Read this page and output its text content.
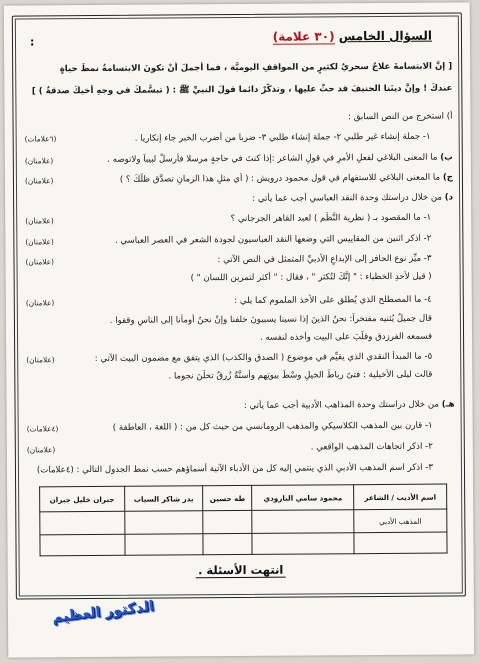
السؤال الخامس (٣٠ علامة)
:
[ إنَّ الابتسامةَ علاجٌ سحريٌ لكثيرٍ من المواقفِ اليوميَّة ، فما أجملَ أنْ تكونَ الابتسامةُ نمطَ حياةٍ
عندكَ ! وإنَّ دينَنا الحنيفَ قد حثَّ عليها ، وتذكَّرْ دائما قولَ النبيِّ ﷺ : ( تبسُّمكَ في وجهِ أخيكَ صدقةٌ ) ]
أ) استخرج من النص السابق :
١- جملة إنشاء غير طلبي ٢- جملة إنشاء طلبي ٣- ضربا من أضرب الخبر جاء إنكاريا .
(٦علامات)
ب) ما المعنى البلاغي لفعلِ الأمرِ في قولِ الشاعر :إذا كنتَ في حاجةٍ مرسلا فأرسلْ لبيباً ولاتوصه .
(علامتان)
ج) ما المعنى البلاغي للاستفهام في قول محمود درويش : ( أي مثلِ هذا الزمانِ تصدَّق ظلّكَ ؟ )
(علامتان)
د) من خلال دراستك وحدة النقد العباسي أجب عما يأتي :
١- ما المقصود بـ ( نظرية النَّظْم ) لعبد القاهر الجرجاني ؟
(علامتان)
٢- اذكر اثنين من المقاييس التي وضعها النقد العباسيون لجودة الشعر في العصر العباسي .
(علامتان)
٣- ميِّز نوع الحافز إلى الإبداعِ الأدبيِّ المتمثل في النص الآتي :
( قيل لأحدِ الخطباء : " إنَّكَ لتُكثر " ، فقال : " أكثر لتمرين اللسان " )
(علامتان)
٤- ما المصطلح الذي يُطلق على الأخذ الملموم كما يلي :
(علامتان)
قال جميلٌ يُثنيه مفتخراً: نحنُ الذينَ إذا نسينا يسبيونَ خلفنا وإنْ نحنُ أومأنا إلى الناسِ وقفوا .
فسمعه الفرزدق وقلّبَ على البيت وأخذه لنفسه .
٥- ما المبدأ النقدي الذي يقيِّم في موضوع ( الصدق والكذب) الذي يتفق مع مضمون البيت الآتي :
(علامتان)
قالت ليلى الأخيلية : فتىً رباطُ الخيلِ وسْطَ بيوتِهم وأسنَّةٌ زُرقٌ تخلْنَ نجوما .
هـ) من خلال دراستك وحدة المذاهب الأدبية أجب عما يأتي :
١- قارن بين المذهب الكلاسيكي والمذهب الرومانسي من حيث كل من : ( اللغة ، العاطفة )
(٤علامات)
٢- اذكر اتجاهات المذهب الواقعي .
(علامتان)
٣- اذكر اسم المذهب الأدبي الذي ينتمي إليه كل من الأدباء الآتية أسماؤهم حسب نمط الجدول التالي : (٤علامات)
اسم الأديب / الشاعر	محمود سامي البارودي	طه حسين	بدر شاكر السياب	جبران خليل جبران
المذهب الأدبي				

انتهت الأسئلة .
الدكتور العظيم
